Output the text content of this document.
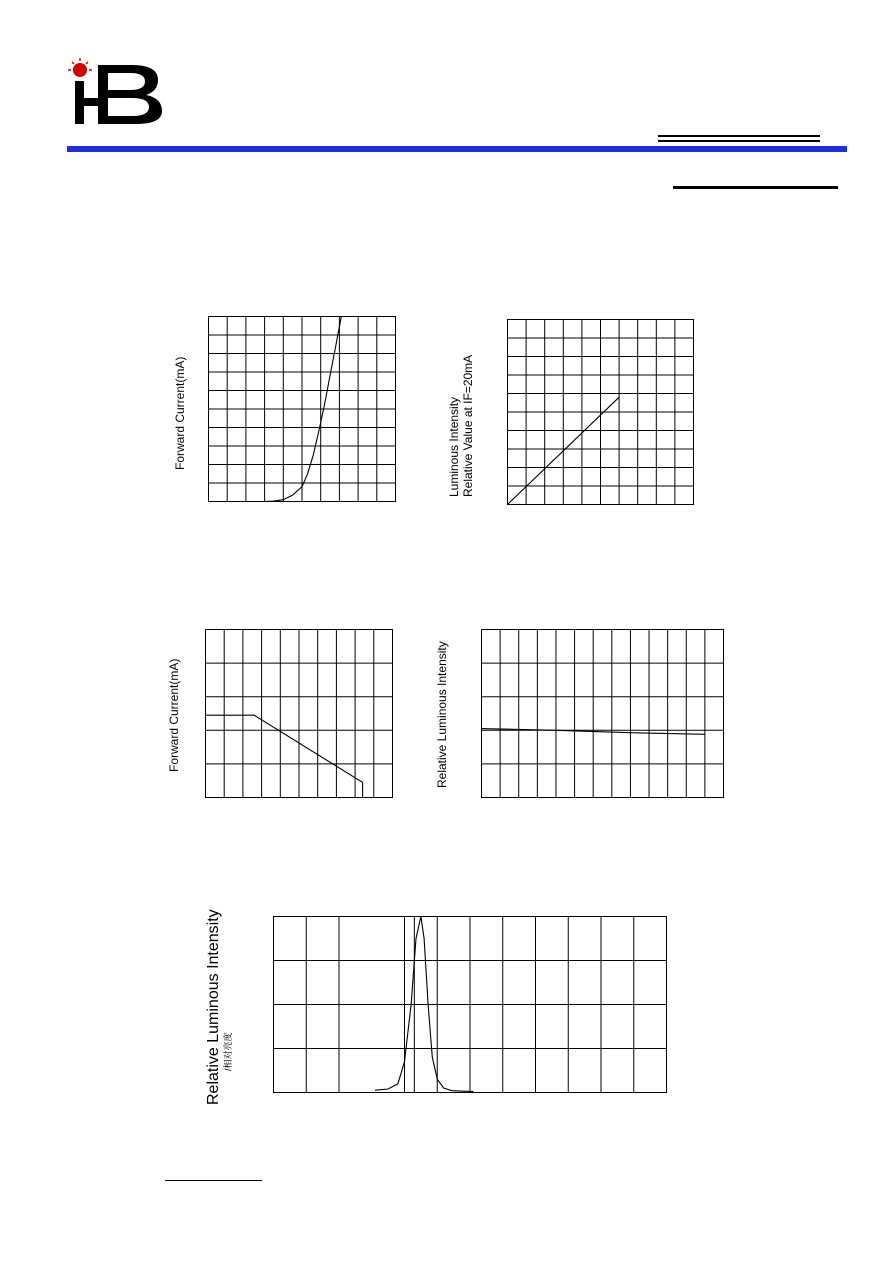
Forward Current(mA)	Luminous Intensity Relative Value at IF=20mA
Forward Current(mA)	Relative Luminous Intensity
Relative Luminous Intensity /相对亮度
